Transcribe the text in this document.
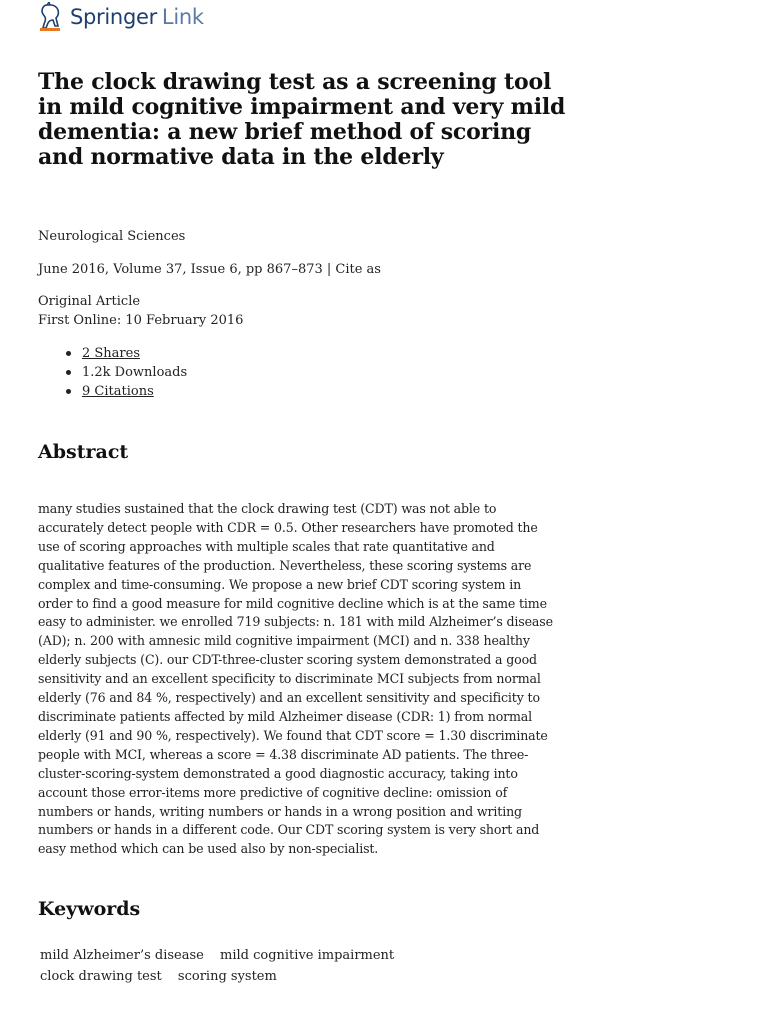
Springer Link
The clock drawing test as a screening tool in mild cognitive impairment and very mild dementia: a new brief method of scoring and normative data in the elderly
Neurological Sciences
June 2016, Volume 37, Issue 6, pp 867–873 | Cite as
Original Article
First Online: 10 February 2016
2 Shares
1.2k Downloads
9 Citations
Abstract

many studies sustained that the clock drawing test (CDT) was not able to accurately detect people with CDR = 0.5. Other researchers have promoted the use of scoring approaches with multiple scales that rate quantitative and qualitative features of the production. Nevertheless, these scoring systems are complex and time-consuming. We propose a new brief CDT scoring system in order to find a good measure for mild cognitive decline which is at the same time easy to administer. we enrolled 719 subjects: n. 181 with mild Alzheimer’s disease (AD); n. 200 with amnesic mild cognitive impairment (MCI) and n. 338 healthy elderly subjects (C). our CDT-three-cluster scoring system demonstrated a good sensitivity and an excellent specificity to discriminate MCI subjects from normal elderly (76 and 84 %, respectively) and an excellent sensitivity and specificity to discriminate patients affected by mild Alzheimer disease (CDR: 1) from normal elderly (91 and 90 %, respectively). We found that CDT score = 1.30 discriminate people with MCI, whereas a score = 4.38 discriminate AD patients. The three-cluster-scoring-system demonstrated a good diagnostic accuracy, taking into account those error-items more predictive of cognitive decline: omission of numbers or hands, writing numbers or hands in a wrong position and writing numbers or hands in a different code. Our CDT scoring system is very short and easy method which can be used also by non-specialist.

Keywords
mild Alzheimer’s disease mild cognitive impairment clock drawing test scoring system
